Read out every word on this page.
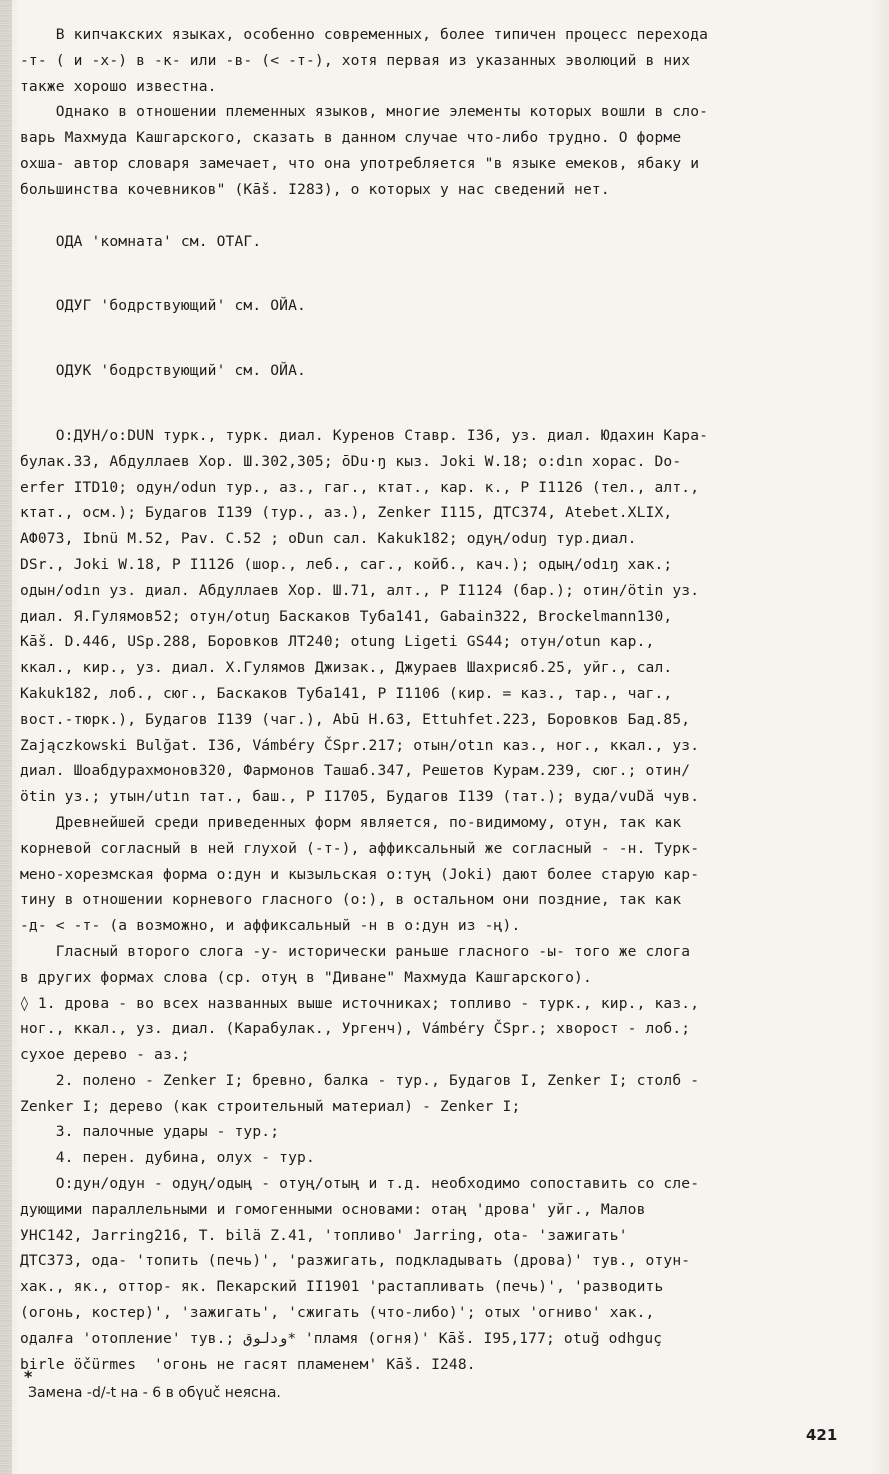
В кипчакских языках, особенно современных, более типичен процесс перехода

-т- ( и -х-) в -к- или -в- (< -т-), хотя первая из указанных эволюций в них

также хорошо известна.

Однако в отношении племенных языков, многие элементы которых вошли в сло-

варь Махмуда Кашгарского, сказать в данном случае что-либо трудно. О форме

охша- автор словаря замечает, что она употребляется "в языке емеков, ябаку и

большинства кочевников" (Kāš. I283), о которых у нас сведений нет.

ОДА 'комната' см. ОТАГ.

ОДУГ 'бодрствующий' см. ОЙА.

ОДУК 'бодрствующий' см. ОЙА.

О:ДУН/о:DUN турк., турк. диал. Куренов Ставр. I36, уз. диал. Юдахин Кара-

булак.33, Абдуллаев Хор. Ш.302,305; ōDu·ŋ кыз. Joki W.18; o:dın хорас. Do-

erfer ITD10; одун/odun тур., аз., гаг., ктат., кар. к., Р I1126 (тел., алт.,

ктат., осм.); Будагов I139 (тур., аз.), Zenker I115, ДТС374, Atebet.XLIX,

АФ073, Ibnü M.52, Pav. C.52 ; oDun сал. Kakuk182; одуң/oduŋ тур.диал.

DSr., Joki W.18, Р I1126 (шор., леб., саг., койб., кач.); одың/odıŋ хак.;

одын/odın уз. диал. Абдуллаев Хор. Ш.71, алт., Р I1124 (бар.); отин/ötin уз.

диал. Я.Гулямов52; отун/otuŋ Баскаков Туба141, Gabain322, Brockelmann130,

Kāš. D.446, USp.288, Боровков ЛТ240; otung Ligeti GS44; отун/otun кар.,

ккал., кир., уз. диал. Х.Гулямов Джизак., Джураев Шахрисяб.25, уйг., сал.

Kakuk182, лоб., сюг., Баскаков Туба141, Р I1106 (кир. = каз., тар., чаг.,

вост.-тюрк.), Будагов I139 (чаг.), Abū H.63, Ettuhfet.223, Боровков Бад.85,

Zajączkowski Bulğat. I36, Vámbéry ČSpr.217; отын/otın каз., ног., ккал., уз.

диал. Шоабдурахмонов320, Фармонов Ташаб.347, Решетов Курам.239, сюг.; отин/

ötin уз.; утын/utın тат., баш., Р I1705, Будагов I139 (тат.); вуда/vuDă чув.

Древнейшей среди приведенных форм является, по-видимому, отун, так как

корневой согласный в ней глухой (-т-), аффиксальный же согласный - -н. Турк-

мено-хорезмская форма о:дун и кызыльская о:туң (Joki) дают более старую кар-

тину в отношении корневого гласного (о:), в остальном они поздние, так как

-д- < -т- (а возможно, и аффиксальный -н в о:дун из -ң).

Гласный второго слога -у- исторически раньше гласного -ы- того же слога

в других формах слова (ср. отуң в "Диване" Махмуда Кашгарского).

◊ 1. дрова - во всех названных выше источниках; топливо - турк., кир., каз.,

ног., ккал., уз. диал. (Карабулак., Ургенч), Vámbéry ČSpr.; хворост - лоб.;

сухое дерево - аз.;

2. полено - Zenker I; бревно, балка - тур., Будагов I, Zenker I; столб -

Zenker I; дерево (как строительный материал) - Zenker I;

3. палочные удары - тур.;

4. перен. дубина, олух - тур.

О:дун/одун - одуң/одың - отуң/отың и т.д. необходимо сопоставить со сле-

дующими параллельными и гомогенными основами: отаң 'дрова' уйг., Малов

УНС142, Jarring216, T. bilä Z.41, 'топливо' Jarring, ota- 'зажигать'

ДТС373, ода- 'топить (печь)', 'разжигать, подкладывать (дрова)' тув., отун-

хак., як., оттор- як. Пекарский II1901 'растапливать (печь)', 'разводить

(огонь, костер)', 'зажигать', 'сжигать (что-либо)'; отых 'огниво' хак.,

одалға 'отопление' тув.; ودلوق* 'пламя (огня)' Kāš. I95,177; otuğ odhguç

birle öčürmes  'огонь не гасят пламенем' Kāš. I248.

*
Замена -d/-t на - 6 в обүuč неясна.
421
